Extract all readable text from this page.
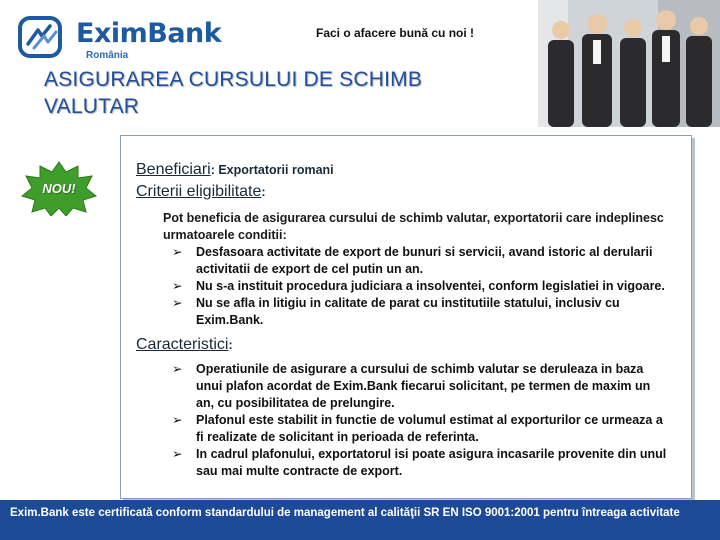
EximBank
România
Faci o afacere bună cu noi !
ASIGURAREA CURSULUI DE SCHIMB
VALUTAR
NOU!
Beneficiari: Exportatorii romani
Criterii eligibilitate:
Pot beneficia de asigurarea cursului de schimb valutar, exportatorii care indeplinesc urmatoarele conditii:
➢ Desfasoara activitate de export de bunuri si servicii, avand istoric al derularii activitatii de export de cel putin un an.
➢ Nu s-a instituit procedura judiciara a insolventei, conform legislatiei in vigoare.
➢ Nu se afla in litigiu in calitate de parat cu institutiile statului, inclusiv cu Exim.Bank.
Caracteristici:
➢ Operatiunile de asigurare a cursului de schimb valutar se deruleaza in baza unui plafon acordat de Exim.Bank fiecarui solicitant, pe termen de maxim un an, cu posibilitatea de prelungire.
➢ Plafonul este stabilit in functie de volumul estimat al exporturilor ce urmeaza a fi realizate de solicitant in perioada de referinta.
➢ In cadrul plafonului, exportatorul isi poate asigura incasarile provenite din unul sau mai multe contracte de export.
Exim.Bank este certificată conform standardului de management al calităţii SR EN ISO 9001:2001 pentru întreaga activitate
